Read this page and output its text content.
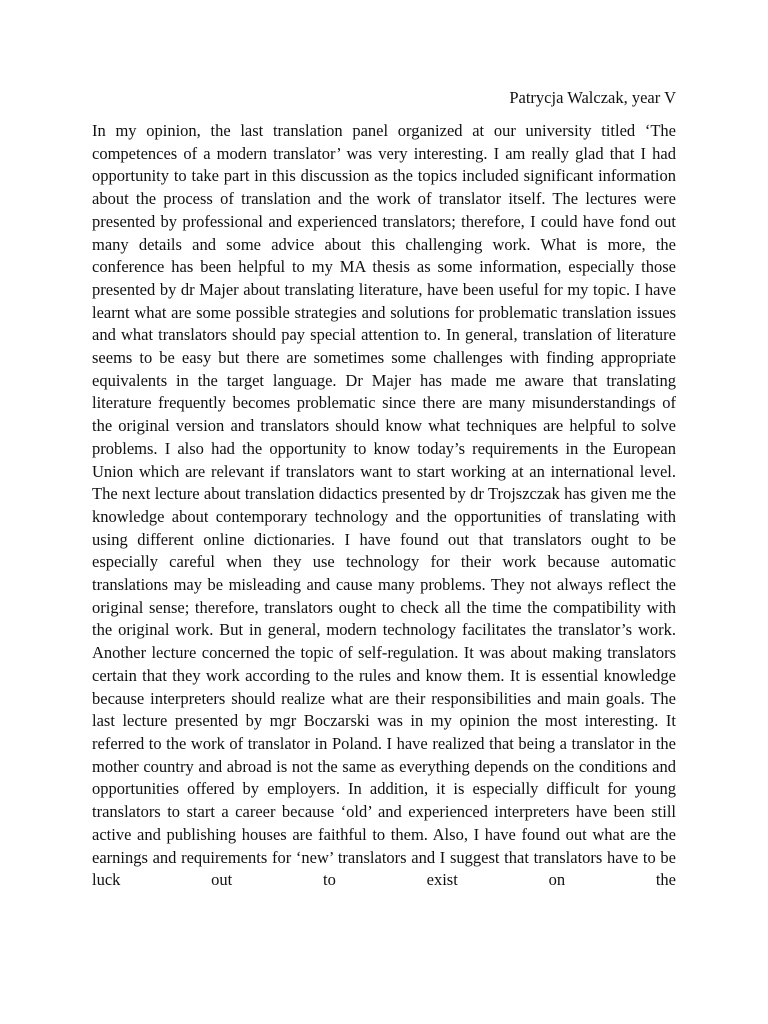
Patrycja Walczak, year V

In my opinion, the last translation panel organized at our university titled ‘The competences of a modern translator’ was very interesting. I am really glad that I had opportunity to take part in this discussion as the topics included significant information about the process of translation and the work of translator itself. The lectures were presented by professional and experienced translators; therefore, I could have fond out many details and some advice about this challenging work. What is more, the conference has been helpful to my MA thesis as some information, especially those presented by dr Majer about translating literature, have been useful for my topic. I have learnt what are some possible strategies and solutions for problematic translation issues and what translators should pay special attention to. In general, translation of literature seems to be easy but there are sometimes some challenges with finding appropriate equivalents in the target language. Dr Majer has made me aware that translating literature frequently becomes problematic since there are many misunderstandings of the original version and translators should know what techniques are helpful to solve problems. I also had the opportunity to know today’s requirements in the European Union which are relevant if translators want to start working at an international level. The next lecture about translation didactics presented by dr Trojszczak has given me the knowledge about contemporary technology and the opportunities of translating with using different online dictionaries. I have found out that translators ought to be especially careful when they use technology for their work because automatic translations may be misleading and cause many problems. They not always reflect the original sense; therefore, translators ought to check all the time the compatibility with the original work. But in general, modern technology facilitates the translator’s work. Another lecture concerned the topic of self-regulation. It was about making translators certain that they work according to the rules and know them. It is essential knowledge because interpreters should realize what are their responsibilities and main goals. The last lecture presented by mgr Boczarski was in my opinion the most interesting. It referred to the work of translator in Poland. I have realized that being a translator in the mother country and abroad is not the same as everything depends on the conditions and opportunities offered by employers. In addition, it is especially difficult for young translators to start a career because ‘old’ and experienced interpreters have been still active and publishing houses are faithful to them. Also, I have found out what are the earnings and requirements for ‘new’ translators and I suggest that translators have to be luck out to exist on the
